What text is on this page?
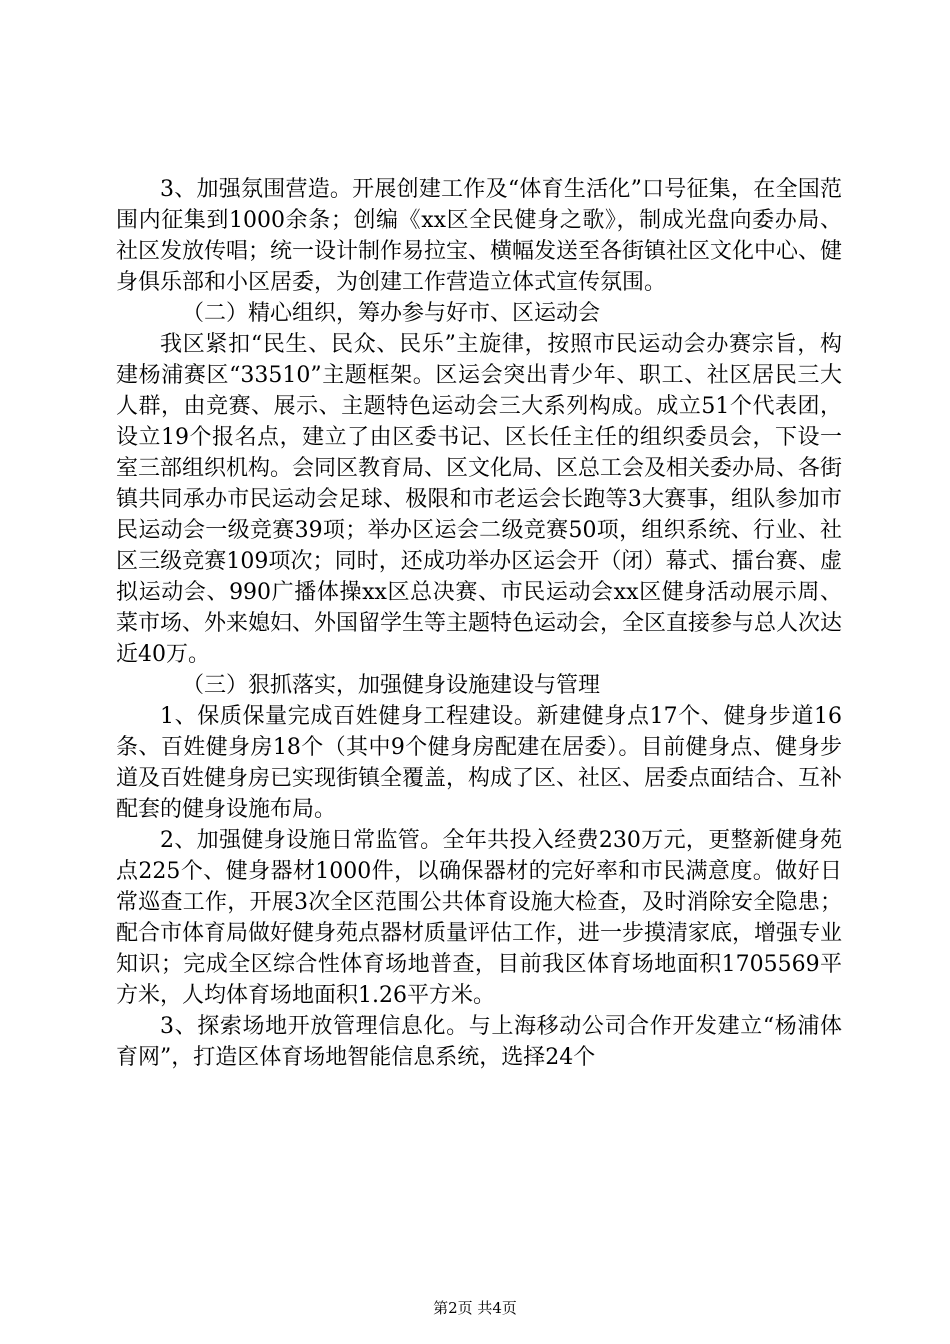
3、加强氛围营造。开展创建工作及“体育生活化”口号征集，在全国范围内征集到1000余条；创编《xx区全民健身之歌》，制成光盘向委办局、社区发放传唱；统一设计制作易拉宝、横幅发送至各街镇社区文化中心、健身俱乐部和小区居委，为创建工作营造立体式宣传氛围。

（二）精心组织，筹办参与好市、区运动会

我区紧扣“民生、民众、民乐”主旋律，按照市民运动会办赛宗旨，构建杨浦赛区“33510”主题框架。区运会突出青少年、职工、社区居民三大人群，由竞赛、展示、主题特色运动会三大系列构成。成立51个代表团，设立19个报名点，建立了由区委书记、区长任主任的组织委员会，下设一室三部组织机构。会同区教育局、区文化局、区总工会及相关委办局、各街镇共同承办市民运动会足球、极限和市老运会长跑等3大赛事，组队参加市民运动会一级竞赛39项；举办区运会二级竞赛50项，组织系统、行业、社区三级竞赛109项次；同时，还成功举办区运会开（闭）幕式、擂台赛、虚拟运动会、990广播体操xx区总决赛、市民运动会xx区健身活动展示周、菜市场、外来媳妇、外国留学生等主题特色运动会，全区直接参与总人次达近40万。

（三）狠抓落实，加强健身设施建设与管理

1、保质保量完成百姓健身工程建设。新建健身点17个、健身步道16条、百姓健身房18个（其中9个健身房配建在居委）。目前健身点、健身步道及百姓健身房已实现街镇全覆盖，构成了区、社区、居委点面结合、互补配套的健身设施布局。

2、加强健身设施日常监管。全年共投入经费230万元，更整新健身苑点225个、健身器材1000件，以确保器材的完好率和市民满意度。做好日常巡查工作，开展3次全区范围公共体育设施大检查，及时消除安全隐患；配合市体育局做好健身苑点器材质量评估工作，进一步摸清家底，增强专业知识；完成全区综合性体育场地普查，目前我区体育场地面积1705569平方米，人均体育场地面积1.26平方米。

3、探索场地开放管理信息化。与上海移动公司合作开发建立“杨浦体育网”，打造区体育场地智能信息系统，选择24个

第2页 共4页
